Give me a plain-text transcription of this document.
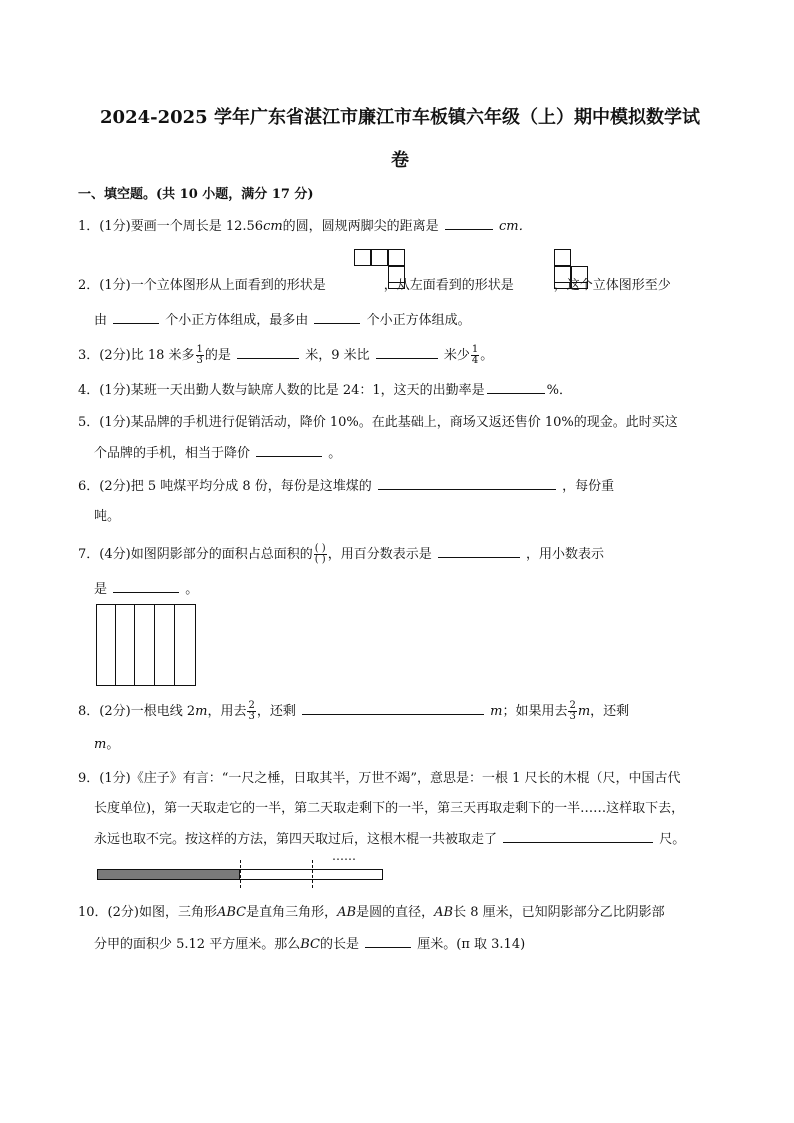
2024-2025 学年广东省湛江市廉江市车板镇六年级（上）期中模拟数学试
卷
一、填空题。(共 10 小题，满分 17 分)
1．(1分)要画一个周长是 12.56cm的圆，圆规两脚尖的距离是	cm．
2．(1分)一个立体图形从上面看到的形状是	，从左面看到的形状是	，这个立体图形至少
由	个小正方体组成，最多由	个小正方体组成。
3．(2分)比 18 米多 $\frac{1}{3}$ 的是	米，9 米比	米少 $\frac{1}{4}$ 。
4．(1分)某班一天出勤人数与缺席人数的比是 24：1，这天的出勤率是	%．
5．(1分)某品牌的手机进行促销活动，降价 10%。在此基础上，商场又返还售价 10%的现金。此时买这
个品牌的手机，相当于降价	。
6．(2分)把 5 吨煤平均分成 8 份，每份是这堆煤的	，每份重
吨。
7．(4分)如图阴影部分的面积占总面积的 $\frac{( )}{( )}$ ，用百分数表示是	，用小数表示
是	。
8．(2分)一根电线 2m，用去 $\frac{2}{3}$ ，还剩	m；如果用去 $\frac{2}{3}$ m，还剩
m。
9．(1分)《庄子》有言：“一尺之棰，日取其半，万世不竭”，意思是：一根 1 尺长的木棍（尺，中国古代
长度单位)，第一天取走它的一半，第二天取走剩下的一半，第三天再取走剩下的一半……这样取下去，
永远也取不完。按这样的方法，第四天取过后，这根木棍一共被取走了	尺。
……
10．(2分)如图，三角形ABC是直角三角形，AB是圆的直径，AB长 8 厘米，已知阴影部分乙比阴影部
分甲的面积少 5.12 平方厘米。那么BC的长是	厘米。(π 取 3.14)
